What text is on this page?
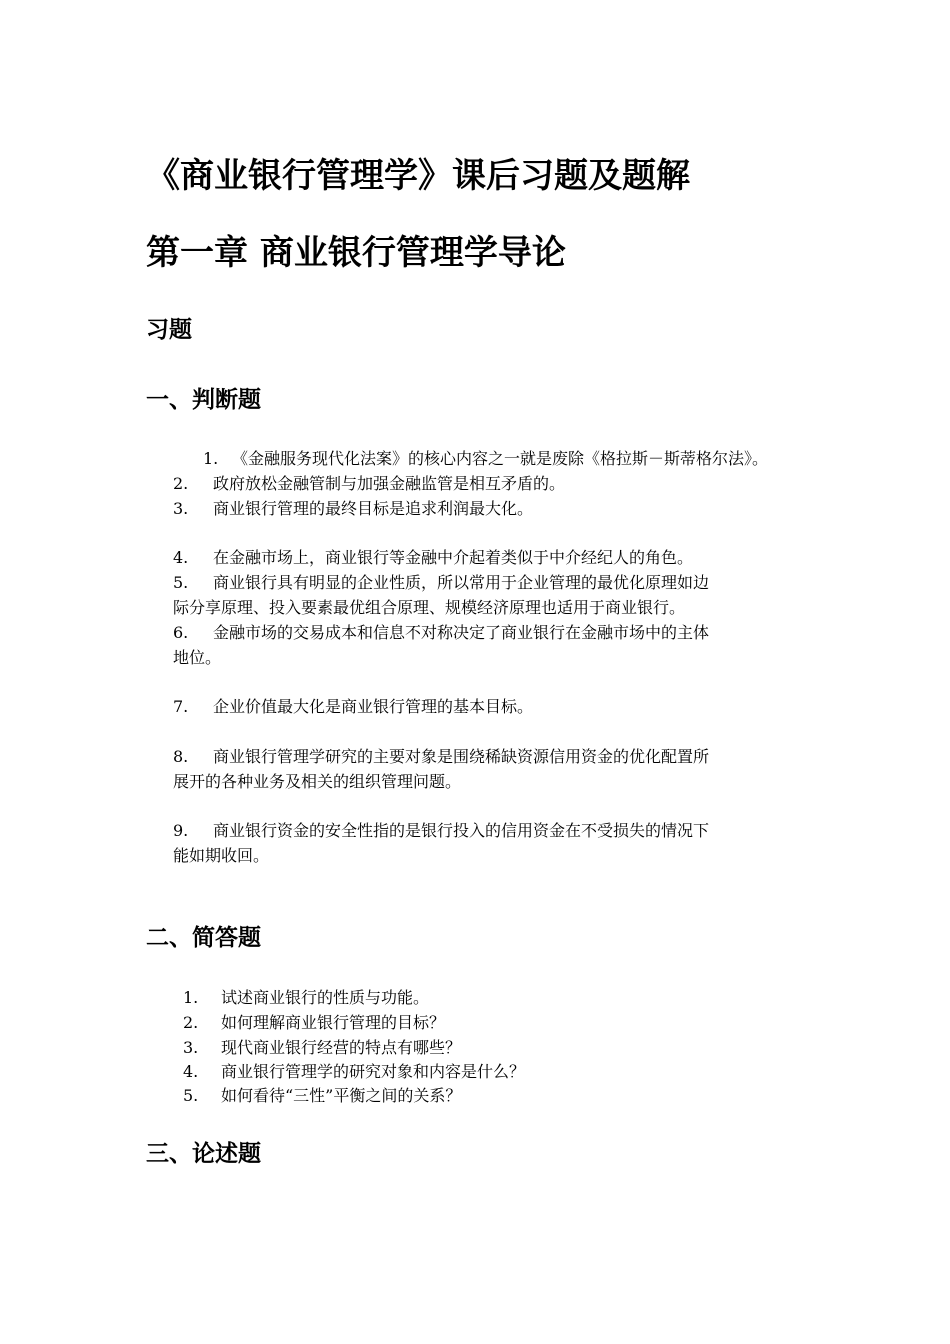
《商业银行管理学》课后习题及题解
第一章 商业银行管理学导论
习题
一、判断题
1. 《金融服务现代化法案》的核心内容之一就是废除《格拉斯－斯蒂格尔法》。
2. 政府放松金融管制与加强金融监管是相互矛盾的。
3. 商业银行管理的最终目标是追求利润最大化。
4. 在金融市场上，商业银行等金融中介起着类似于中介经纪人的角色。
5. 商业银行具有明显的企业性质，所以常用于企业管理的最优化原理如边
际分享原理、投入要素最优组合原理、规模经济原理也适用于商业银行。
6. 金融市场的交易成本和信息不对称决定了商业银行在金融市场中的主体
地位。
7. 企业价值最大化是商业银行管理的基本目标。
8. 商业银行管理学研究的主要对象是围绕稀缺资源信用资金的优化配置所
展开的各种业务及相关的组织管理问题。
9. 商业银行资金的安全性指的是银行投入的信用资金在不受损失的情况下
能如期收回。
二、简答题
1. 试述商业银行的性质与功能。
2. 如何理解商业银行管理的目标？
3. 现代商业银行经营的特点有哪些？
4. 商业银行管理学的研究对象和内容是什么？
5. 如何看待“三性”平衡之间的关系？
三、论述题
